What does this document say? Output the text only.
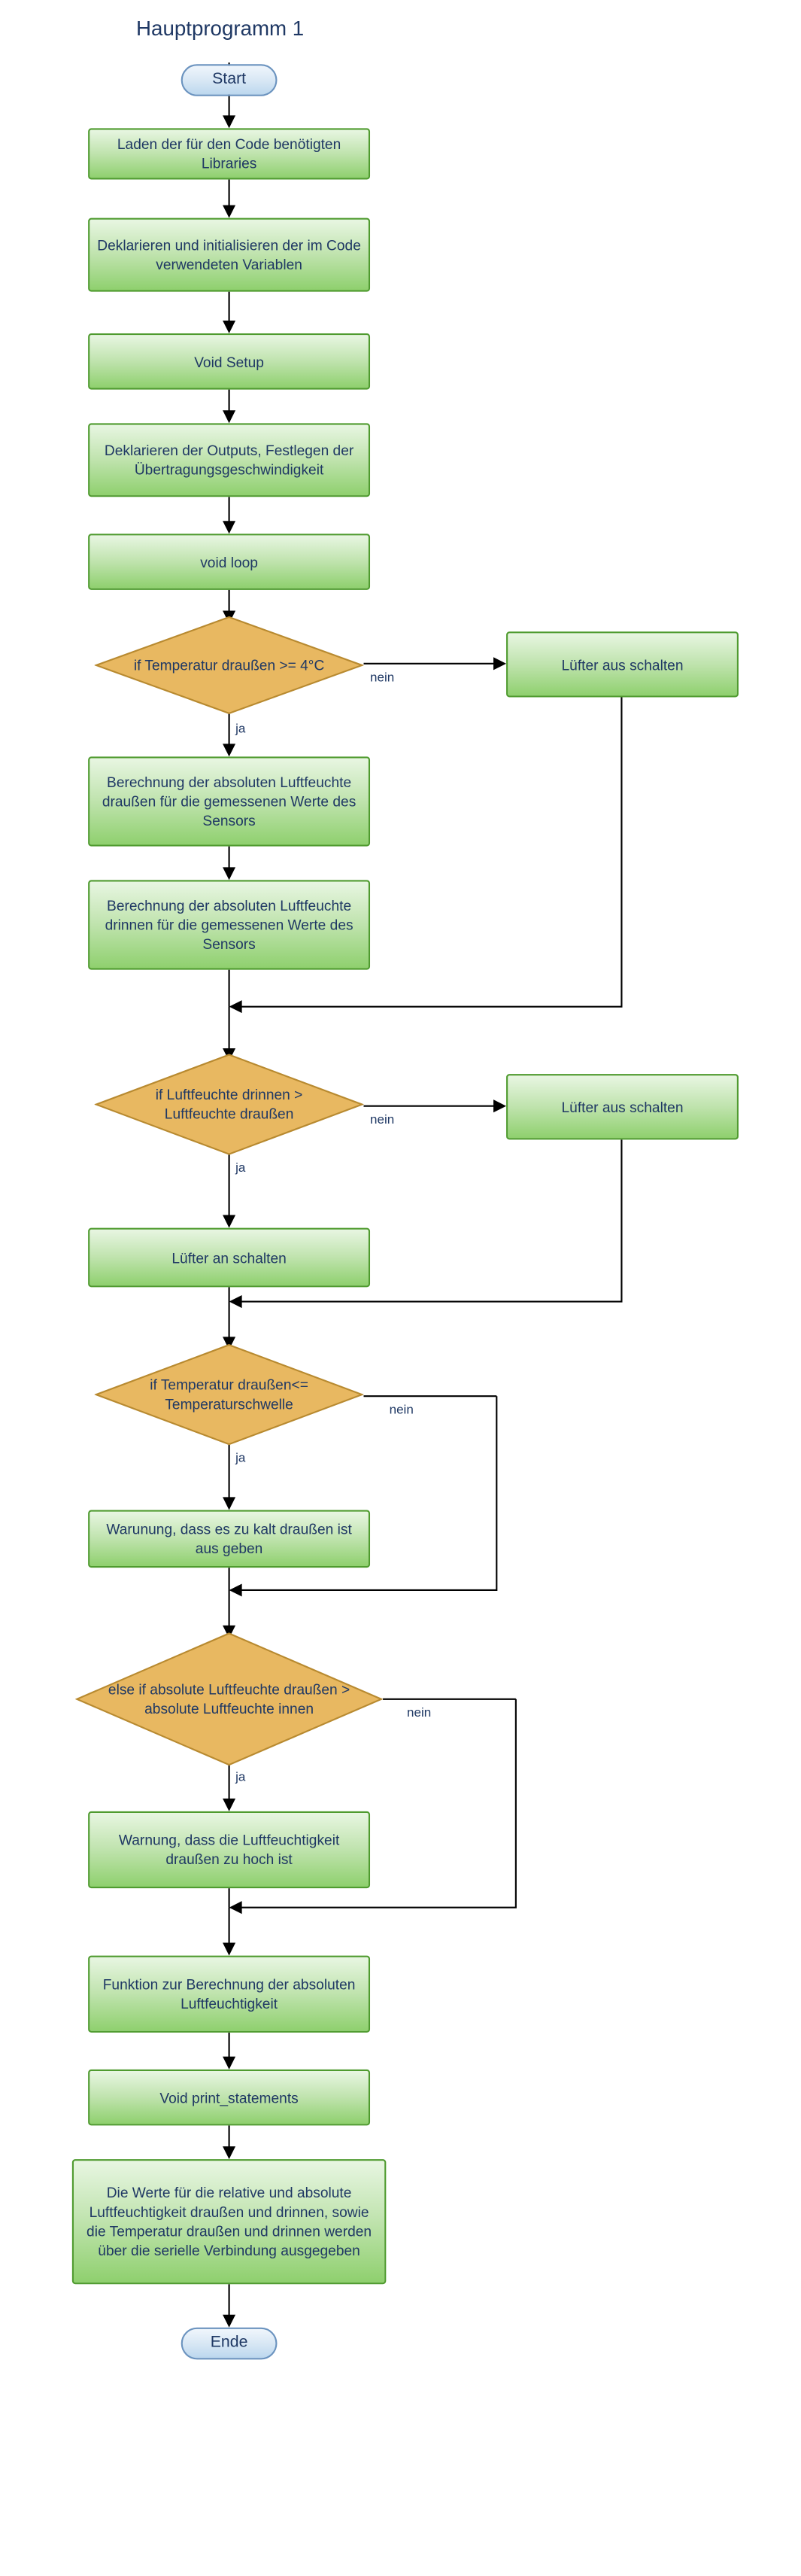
Hauptprogramm 1
Start
Laden der für den Code benötigten Libraries
Deklarieren und initialisieren der im Code verwendeten Variablen
Void Setup
Deklarieren der Outputs, Festlegen der Übertragungsgeschwindigkeit
void loop
if Temperatur draußen >= 4°C
nein
ja
Lüfter aus schalten
Berechnung der absoluten Luftfeuchte draußen für die gemessenen Werte des Sensors
Berechnung der absoluten Luftfeuchte drinnen für die gemessenen Werte des Sensors
if Luftfeuchte drinnen > Luftfeuchte draußen	nein
ja
Lüfter aus schalten
Lüfter an schalten
if Temperatur draußen<= Temperaturschwelle	nein
ja
Warunung, dass es zu kalt draußen ist aus geben
else if absolute Luftfeuchte draußen > absolute Luftfeuchte innen	nein
ja
Warnung, dass die Luftfeuchtigkeit draußen zu hoch ist
Funktion zur Berechnung der absoluten Luftfeuchtigkeit
Void print_statements
Die Werte für die relative und absolute Luftfeuchtigkeit draußen und drinnen, sowie die Temperatur draußen und drinnen werden über die serielle Verbindung ausgegeben
Ende
